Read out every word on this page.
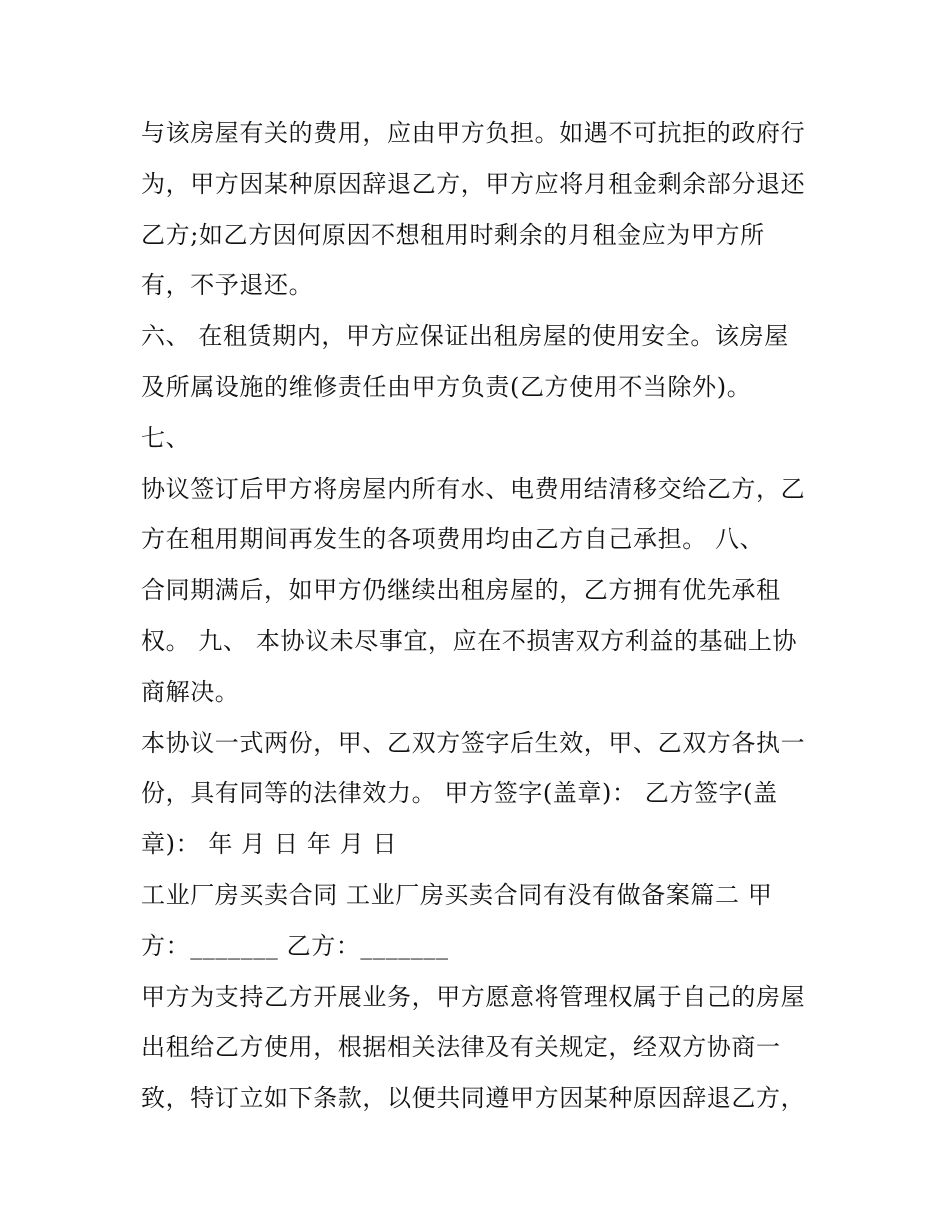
与该房屋有关的费用，应由甲方负担。如遇不可抗拒的政府行
为，甲方因某种原因辞退乙方，甲方应将月租金剩余部分退还
乙方;如乙方因何原因不想租用时剩余的月租金应为甲方所
有，不予退还。
六、 在租赁期内，甲方应保证出租房屋的使用安全。该房屋
及所属设施的维修责任由甲方负责(乙方使用不当除外)。
七、
协议签订后甲方将房屋内所有水、电费用结清移交给乙方，乙
方在租用期间再发生的各项费用均由乙方自己承担。 八、
合同期满后，如甲方仍继续出租房屋的，乙方拥有优先承租
权。 九、 本协议未尽事宜，应在不损害双方利益的基础上协
商解决。
本协议一式两份，甲、乙双方签字后生效，甲、乙双方各执一
份，具有同等的法律效力。 甲方签字(盖章)： 乙方签字(盖
章)： 年 月 日 年 月 日
工业厂房买卖合同 工业厂房买卖合同有没有做备案篇二 甲
方：_______ 乙方：_______
甲方为支持乙方开展业务，甲方愿意将管理权属于自己的房屋
出租给乙方使用，根据相关法律及有关规定，经双方协商一
致，特订立如下条款，以便共同遵甲方因某种原因辞退乙方，
